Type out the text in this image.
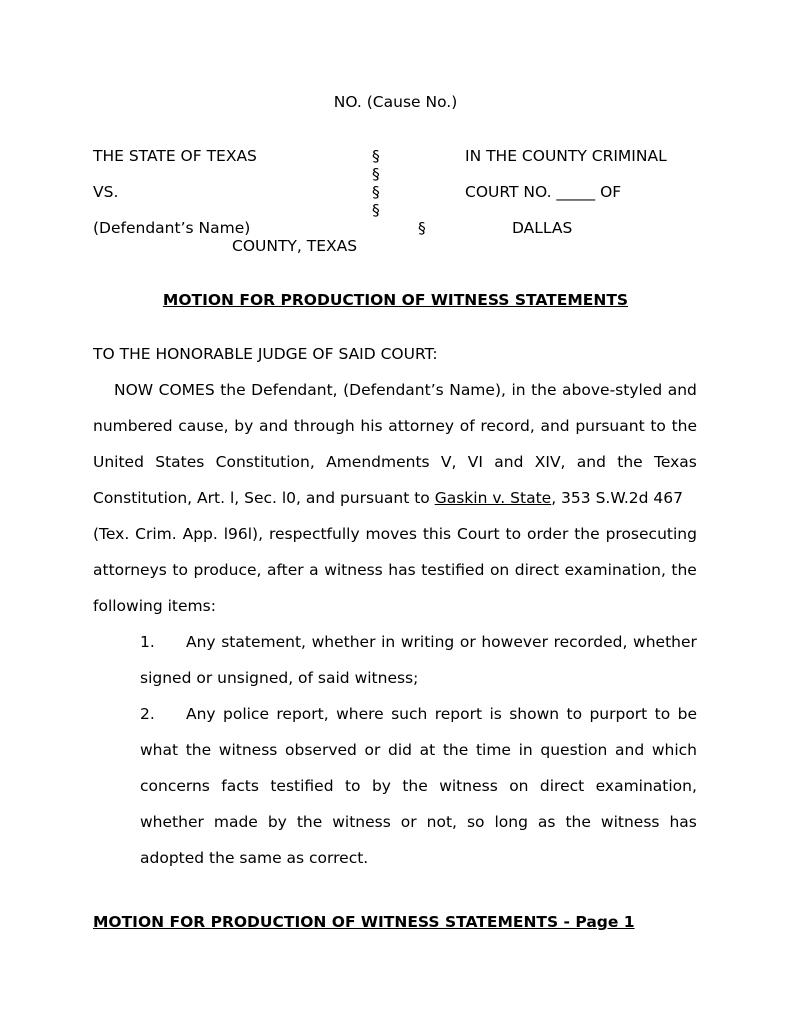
NO. (Cause No.)
THE STATE OF TEXAS	§	IN THE COUNTY CRIMINAL
§
VS.	§	COURT NO. _____ OF
§
(Defendant’s Name)	§	DALLAS
COUNTY, TEXAS
MOTION FOR PRODUCTION OF WITNESS STATEMENTS
TO THE HONORABLE JUDGE OF SAID COURT:
NOW COMES the Defendant, (Defendant’s Name), in the above-styled and
numbered cause, by and through his attorney of record, and pursuant to the
United States Constitution, Amendments V, VI and XIV, and the Texas
Constitution, Art. l, Sec. l0, and pursuant to Gaskin v. State, 353 S.W.2d 467
(Tex. Crim. App. l96l), respectfully moves this Court to order the prosecuting
attorneys to produce, after a witness has testified on direct examination, the
following items:
1. Any statement, whether in writing or however recorded, whether
signed or unsigned, of said witness;
2. Any police report, where such report is shown to purport to be
what the witness observed or did at the time in question and which
concerns facts testified to by the witness on direct examination,
whether made by the witness or not, so long as the witness has
adopted the same as correct.
MOTION FOR PRODUCTION OF WITNESS STATEMENTS - Page 1
